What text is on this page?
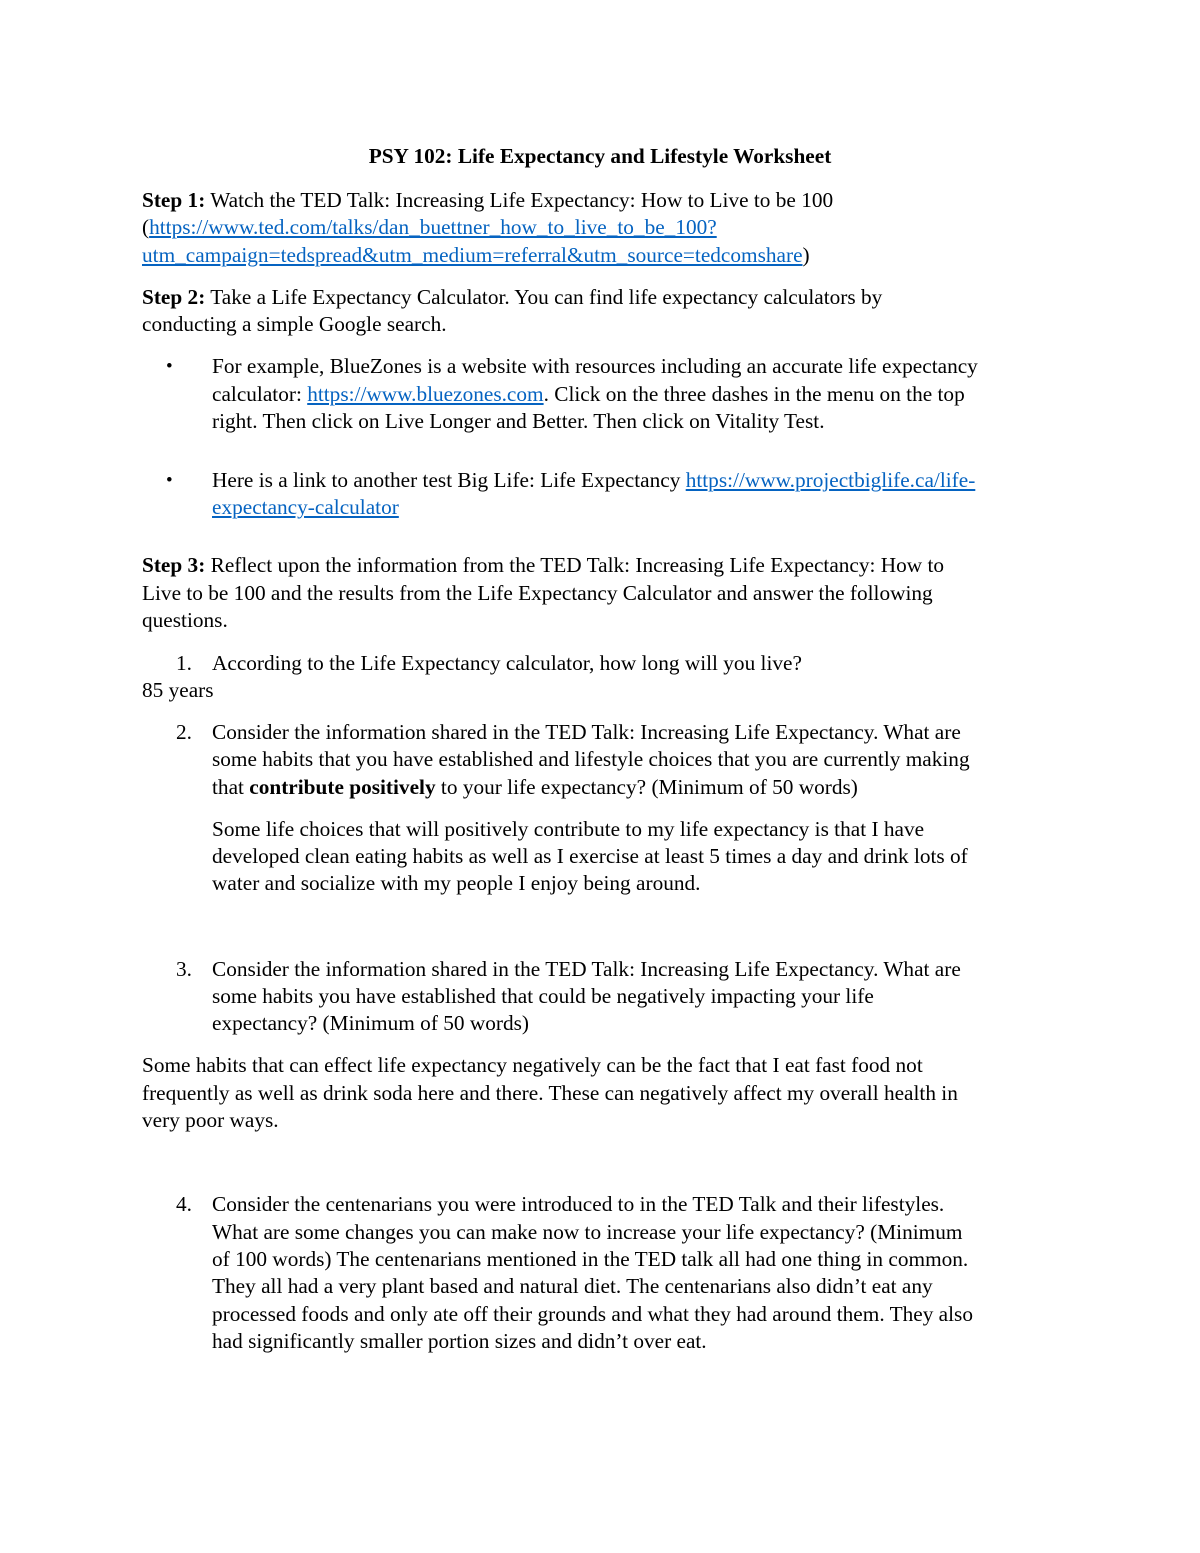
PSY 102: Life Expectancy and Lifestyle Worksheet
Step 1: Watch the TED Talk: Increasing Life Expectancy: How to Live to be 100
(https://www.ted.com/talks/dan_buettner_how_to_live_to_be_100?
utm_campaign=tedspread&utm_medium=referral&utm_source=tedcomshare)
Step 2: Take a Life Expectancy Calculator. You can find life expectancy calculators by
conducting a simple Google search.
• For example, BlueZones is a website with resources including an accurate life expectancy
calculator: https://www.bluezones.com. Click on the three dashes in the menu on the top
right. Then click on Live Longer and Better. Then click on Vitality Test.
• Here is a link to another test Big Life: Life Expectancy https://www.projectbiglife.ca/life-
expectancy-calculator
Step 3: Reflect upon the information from the TED Talk: Increasing Life Expectancy: How to
Live to be 100 and the results from the Life Expectancy Calculator and answer the following
questions.
1. According to the Life Expectancy calculator, how long will you live?
85 years
2. Consider the information shared in the TED Talk: Increasing Life Expectancy. What are
some habits that you have established and lifestyle choices that you are currently making
that contribute positively to your life expectancy? (Minimum of 50 words)
Some life choices that will positively contribute to my life expectancy is that I have
developed clean eating habits as well as I exercise at least 5 times a day and drink lots of
water and socialize with my people I enjoy being around.
3. Consider the information shared in the TED Talk: Increasing Life Expectancy. What are
some habits you have established that could be negatively impacting your life
expectancy? (Minimum of 50 words)
Some habits that can effect life expectancy negatively can be the fact that I eat fast food not
frequently as well as drink soda here and there. These can negatively affect my overall health in
very poor ways.
4. Consider the centenarians you were introduced to in the TED Talk and their lifestyles.
What are some changes you can make now to increase your life expectancy? (Minimum
of 100 words) The centenarians mentioned in the TED talk all had one thing in common.
They all had a very plant based and natural diet. The centenarians also didn’t eat any
processed foods and only ate off their grounds and what they had around them. They also
had significantly smaller portion sizes and didn’t over eat.
